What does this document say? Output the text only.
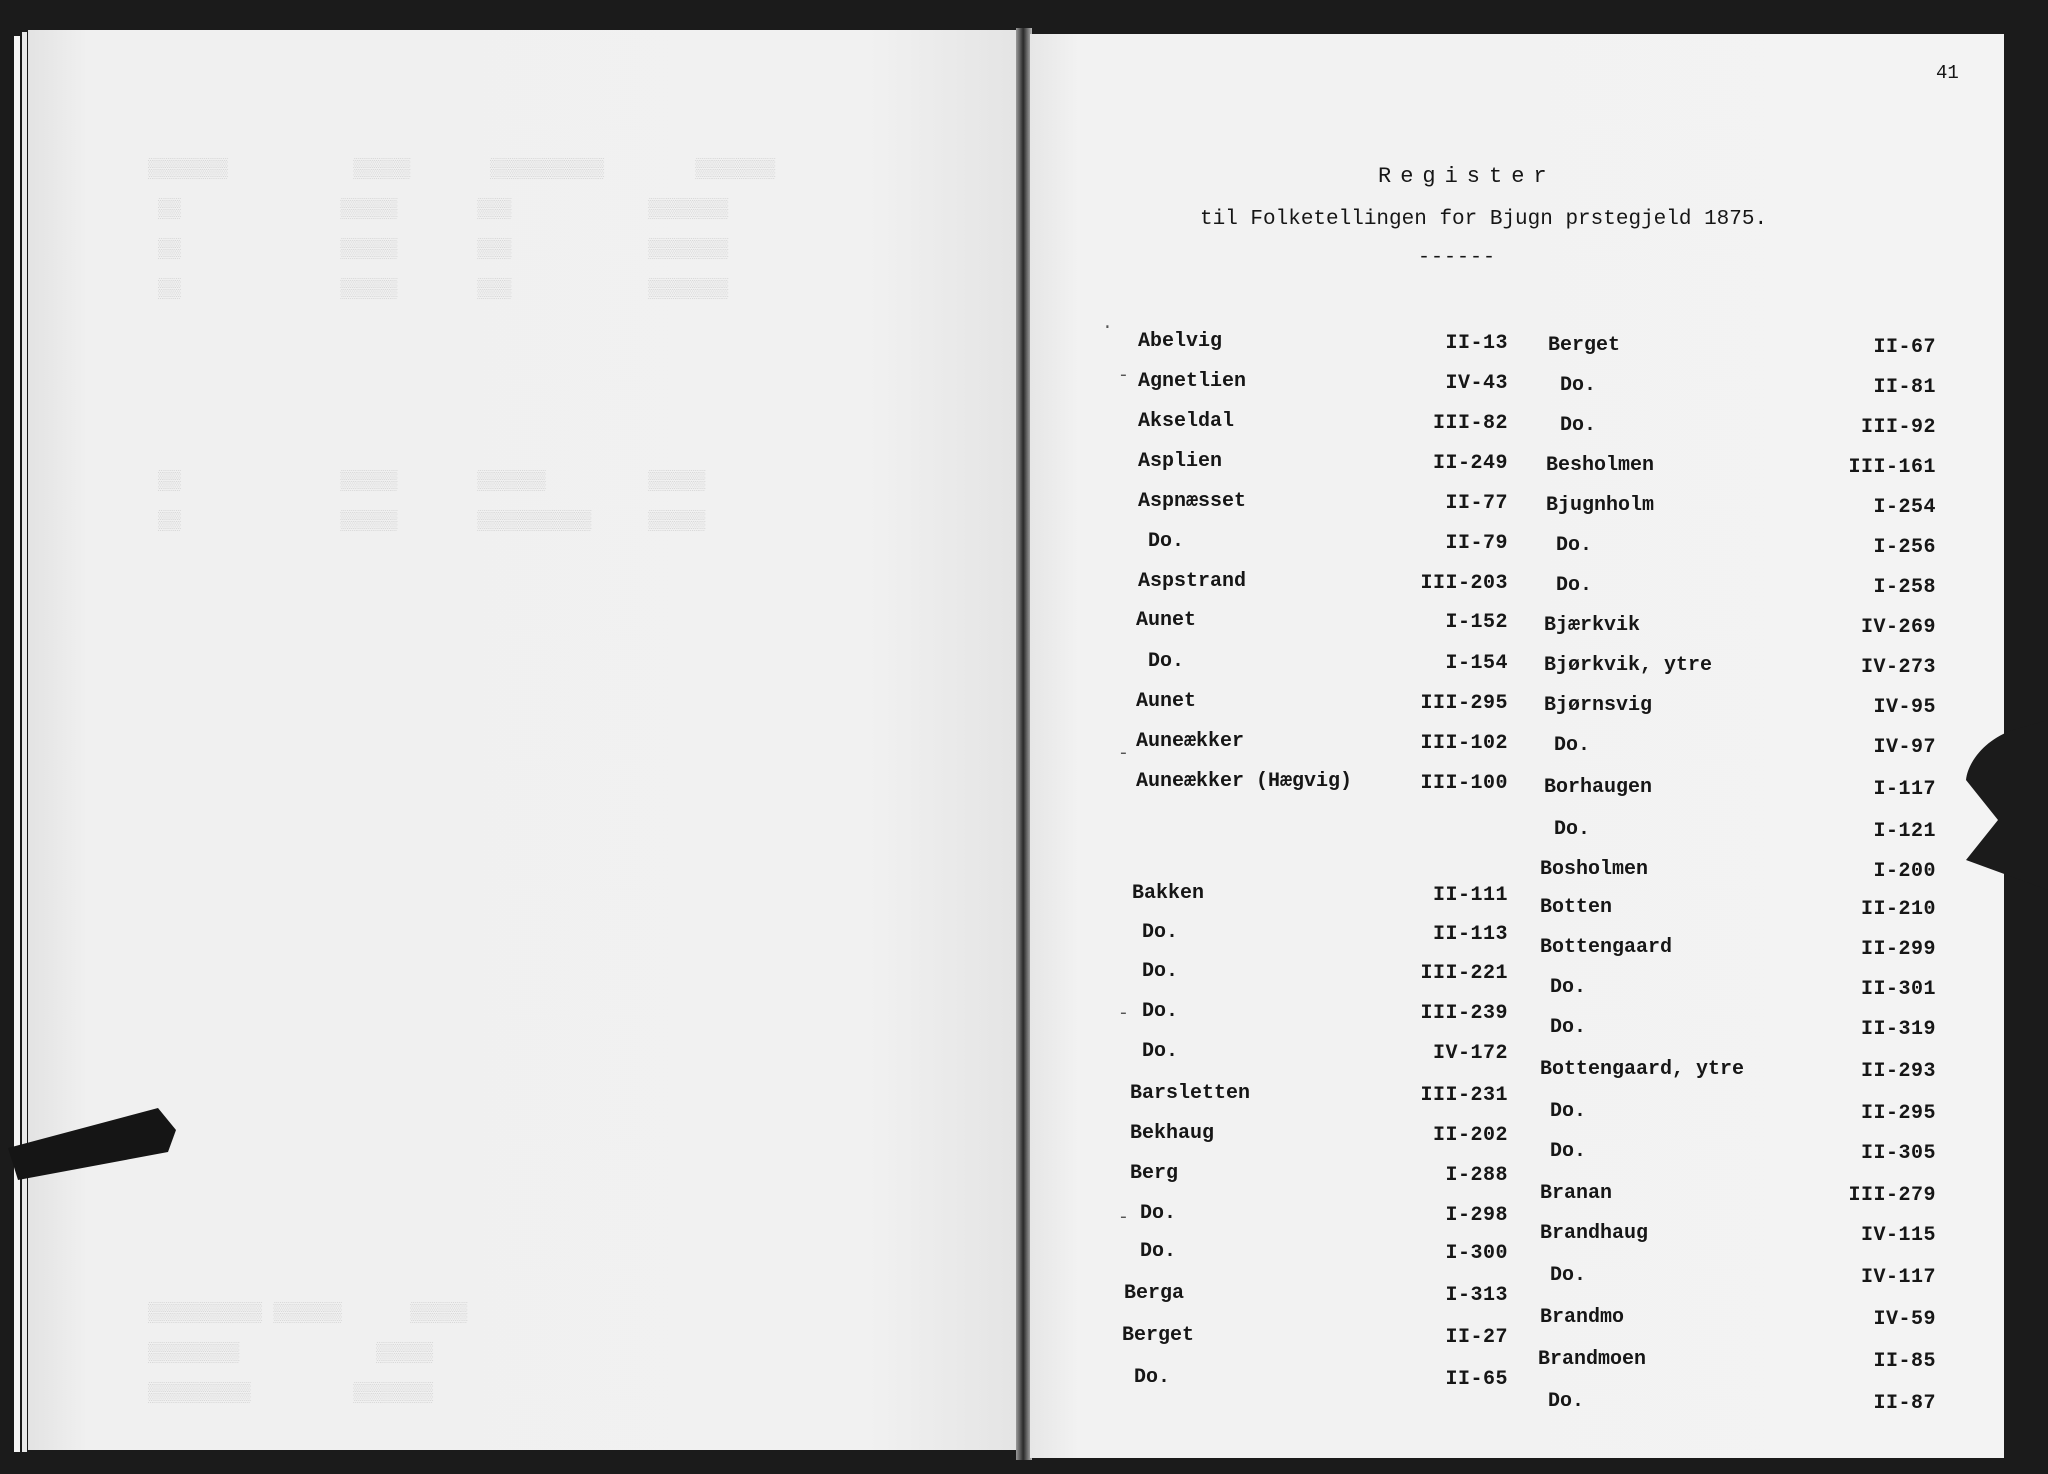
▒▒▒▒▒▒▒           ▒▒▒▒▒       ▒▒▒▒▒▒▒▒▒▒        ▒▒▒▒▒▒▒
▒▒              ▒▒▒▒▒       ▒▒▒            ▒▒▒▒▒▒▒
▒▒              ▒▒▒▒▒       ▒▒▒            ▒▒▒▒▒▒▒
▒▒              ▒▒▒▒▒       ▒▒▒            ▒▒▒▒▒▒▒
▒▒              ▒▒▒▒▒       ▒▒▒▒▒▒         ▒▒▒▒▒
▒▒              ▒▒▒▒▒       ▒▒▒▒▒▒▒▒▒▒     ▒▒▒▒▒
▒▒▒▒▒▒▒▒▒▒ ▒▒▒▒▒▒      ▒▒▒▒▒
▒▒▒▒▒▒▒▒            ▒▒▒▒▒
▒▒▒▒▒▒▒▒▒         ▒▒▒▒▒▒▒
41
Register
til Folketellingen for Bjugn prstegjeld 1875.
------
Abelvig	II-13
Agnetlien	IV-43
Akseldal	III-82
Asplien	II-249
Aspnæsset	II-77
Do.	II-79
Aspstrand	III-203
Aunet	I-152
Do.	I-154
Aunet	III-295
Auneækker	III-102
Auneækker (Hægvig)	III-100
Bakken	II-111
Do.	II-113
Do.	III-221
Do.	III-239
Do.	IV-172
Barsletten	III-231
Bekhaug	II-202
Berg	I-288
Do.	I-298
Do.	I-300
Berga	I-313
Berget	II-27
Do.	II-65
Berget	II-67
Do.	II-81
Do.	III-92
Besholmen	III-161
Bjugnholm	I-254
Do.	I-256
Do.	I-258
Bjærkvik	IV-269
Bjørkvik, ytre	IV-273
Bjørnsvig	IV-95
Do.	IV-97
Borhaugen	I-117
Do.	I-121
Bosholmen	I-200
Botten	II-210
Bottengaard	II-299
Do.	II-301
Do.	II-319
Bottengaard, ytre	II-293
Do.	II-295
Do.	II-305
Branan	III-279
Brandhaug	IV-115
Do.	IV-117
Brandmo	IV-59
Brandmoen	II-85
Do.	II-87
.
-
-
-
-
